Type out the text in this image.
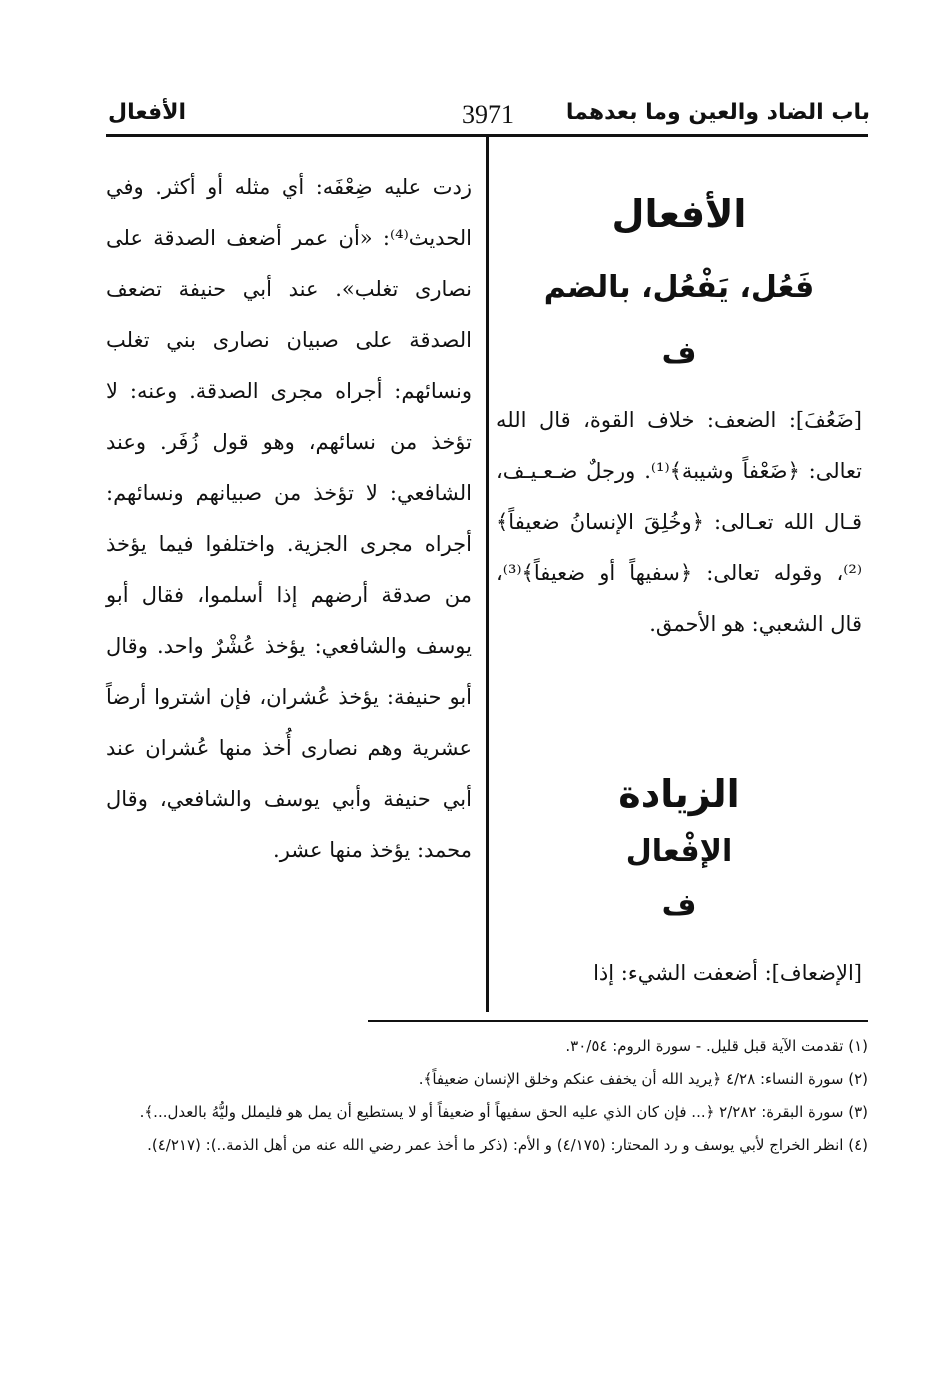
باب الضاد والعين وما بعدهما
3971
الأفعال
الأفعال
فَعُل، يَفْعُل، بالضم
ف

[ضَعُفَ]: الضعف: خلاف القوة، قال الله تعالى: ﴿ضَعْفاً وشيبة﴾⁽¹⁾. ورجلٌ ضـعـيـف، قـال الله تعـالى: ﴿وخُلِقَ الإنسانُ ضعيفاً﴾⁽²⁾، وقوله تعالى: ﴿سفيهاً أو ضعيفاً﴾⁽³⁾، قال الشعبي: هو الأحمق.

الزيادة
الإفْعال
ف

[الإضعاف]: أضعفت الشيء: إذا

زدت عليه ضِعْفَه: أي مثله أو أكثر. وفي الحديث⁽⁴⁾: «أن عمر أضعف الصدقة على نصارى تغلب». عند أبي حنيفة تضعف الصدقة على صبيان نصارى بني تغلب ونسائهم: أجراه مجرى الصدقة. وعنه: لا تؤخذ من نسائهم، وهو قول زُفَر. وعند الشافعي: لا تؤخذ من صبيانهم ونسائهم: أجراه مجرى الجزية. واختلفوا فيما يؤخذ من صدقة أرضهم إذا أسلموا، فقال أبو يوسف والشافعي: يؤخذ عُشْرٌ واحد. وقال أبو حنيفة: يؤخذ عُشران، فإن اشتروا أرضاً عشرية وهم نصارى أُخذ منها عُشران عند أبي حنيفة وأبي يوسف والشافعي، وقال محمد: يؤخذ منها عشر.

(١) تقدمت الآية قبل قليل. - سورة الروم: ٣٠/٥٤.

(٢) سورة النساء: ٤/٢٨ ﴿يريد الله أن يخفف عنكم وخلق الإنسان ضعيفاً﴾.

(٣) سورة البقرة: ٢/٢٨٢ ﴿... فإن كان الذي عليه الحق سفيهاً أو ضعيفاً أو لا يستطيع أن يمل هو فليملل وليُّهُ بالعدل...﴾.

(٤) انظر الخراج لأبي يوسف و رد المحتار: (٤/١٧٥) و الأم: (ذكر ما أخذ عمر رضي الله عنه من أهل الذمة..): (٤/٢١٧).
